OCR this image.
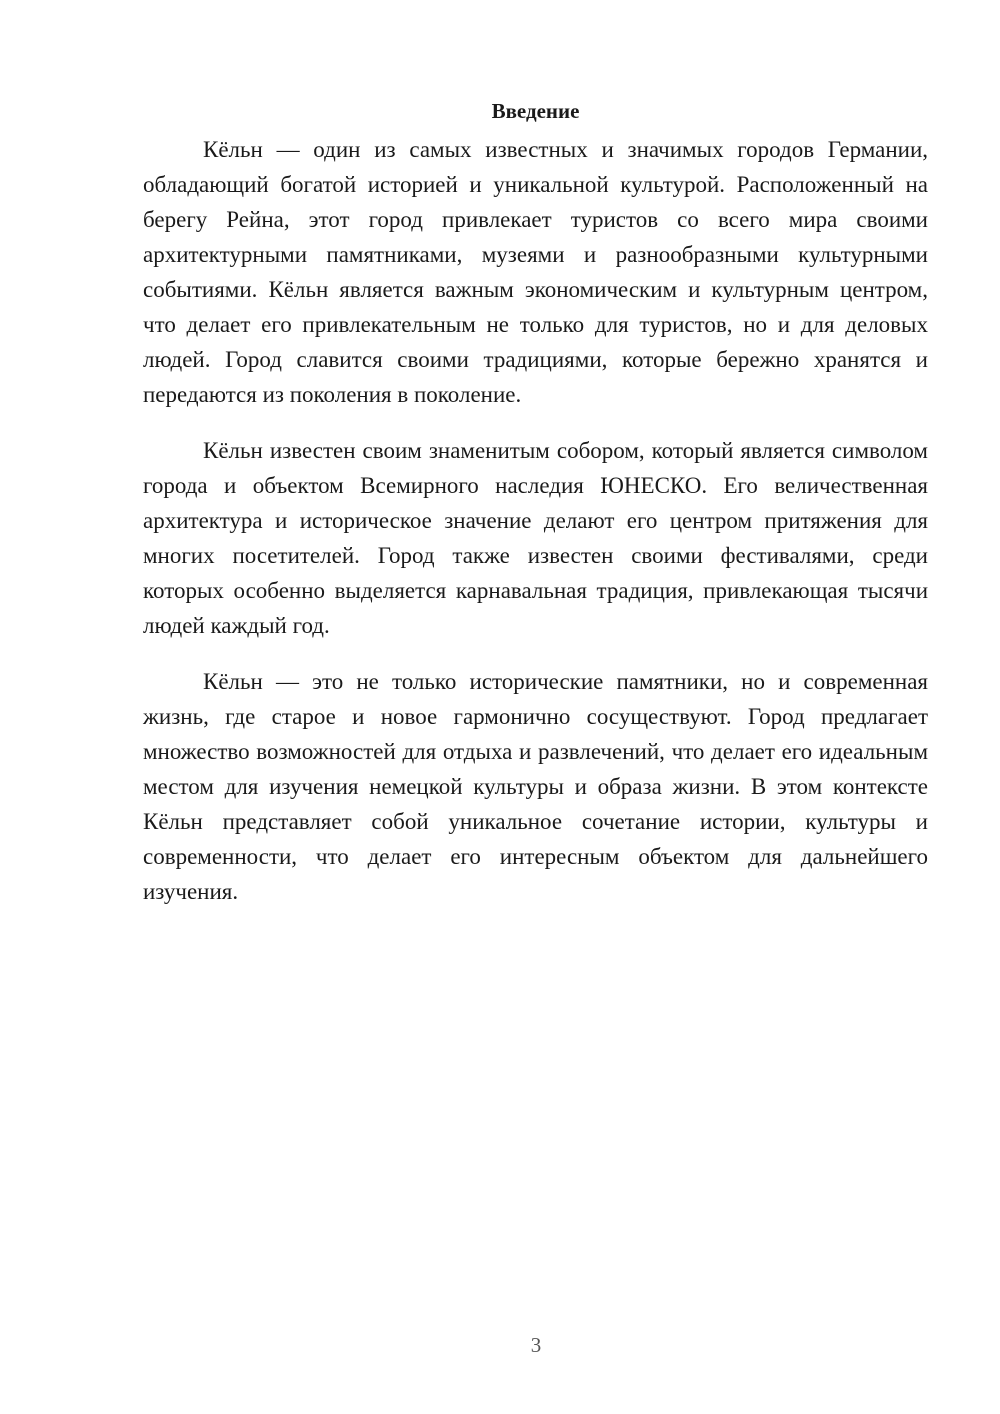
Введение

Кёльн — один из самых известных и значимых городов Германии, обладающий богатой историей и уникальной культурой. Расположенный на берегу Рейна, этот город привлекает туристов со всего мира своими архитектурными памятниками, музеями и разнообразными культурными событиями. Кёльн является важным экономическим и культурным центром, что делает его привлекательным не только для туристов, но и для деловых людей. Город славится своими традициями, которые бережно хранятся и передаются из поколения в поколение.

Кёльн известен своим знаменитым собором, который является символом города и объектом Всемирного наследия ЮНЕСКО. Его величественная архитектура и историческое значение делают его центром притяжения для многих посетителей. Город также известен своими фестивалями, среди которых особенно выделяется карнавальная традиция, привлекающая тысячи людей каждый год.

Кёльн — это не только исторические памятники, но и современная жизнь, где старое и новое гармонично сосуществуют. Город предлагает множество возможностей для отдыха и развлечений, что делает его идеальным местом для изучения немецкой культуры и образа жизни. В этом контексте Кёльн представляет собой уникальное сочетание истории, культуры и современности, что делает его интересным объектом для дальнейшего изучения.

3
